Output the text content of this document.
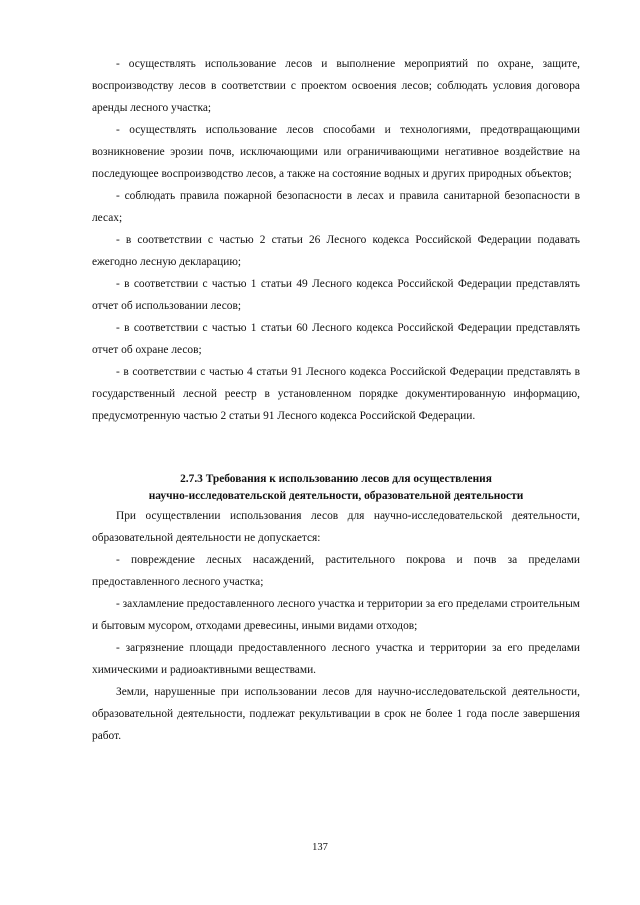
- осуществлять использование лесов и выполнение мероприятий по охране, защите, воспроизводству лесов в соответствии с проектом освоения лесов; соблюдать условия договора аренды лесного участка;

- осуществлять использование лесов способами и технологиями, предотвращающими возникновение эрозии почв, исключающими или ограничивающими негативное воздействие на последующее воспроизводство лесов, а также на состояние водных и других природных объектов;

- соблюдать правила пожарной безопасности в лесах и правила санитарной безопасности в лесах;

- в соответствии с частью 2 статьи 26 Лесного кодекса Российской Федерации подавать ежегодно лесную декларацию;

- в соответствии с частью 1 статьи 49 Лесного кодекса Российской Федерации представлять отчет об использовании лесов;

- в соответствии с частью 1 статьи 60 Лесного кодекса Российской Федерации представлять отчет об охране лесов;

- в соответствии с частью 4 статьи 91 Лесного кодекса Российской Федерации представлять в государственный лесной реестр в установленном порядке документированную информацию, предусмотренную частью 2 статьи 91 Лесного кодекса Российской Федерации.

2.7.3 Требования к использованию лесов для осуществления
научно-исследовательской деятельности, образовательной деятельности

При осуществлении использования лесов для научно-исследовательской деятельности, образовательной деятельности не допускается:

- повреждение лесных насаждений, растительного покрова и почв за пределами предоставленного лесного участка;

- захламление предоставленного лесного участка и территории за его пределами строительным и бытовым мусором, отходами древесины, иными видами отходов;

- загрязнение площади предоставленного лесного участка и территории за его пределами химическими и радиоактивными веществами.

Земли, нарушенные при использовании лесов для научно-исследовательской деятельности, образовательной деятельности, подлежат рекультивации в срок не более 1 года после завершения работ.

137
